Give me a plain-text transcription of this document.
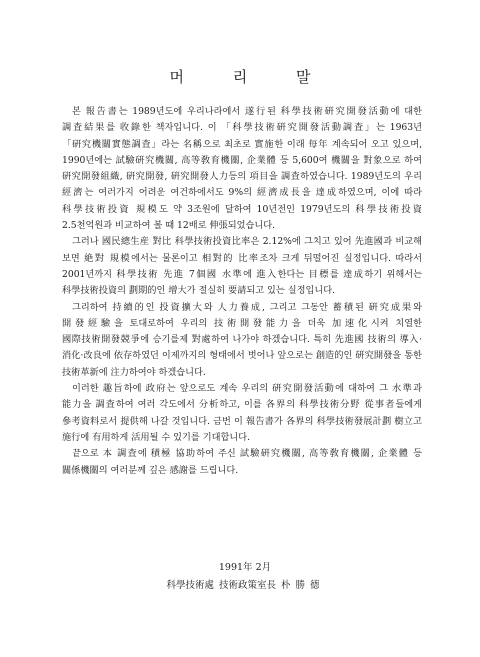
머 리 말

본 報告書는 1989년도에 우리나라에서 遂行된 科學技術硏究開發活動에 대한 調査結果를 收錄한 책자입니다. 이 「科學技術硏究開發活動調査」는 1963년 「硏究機關實態調査」라는 名稱으로 최초로 實施한 이래 每年 계속되어 오고 있으며, 1990년에는 試驗硏究機關, 高等敎育機關, 企業體 등 5,600여 機關을 對象으로 하여 硏究開發組織, 硏究開發, 硏究開發人力등의 項目을 調査하였습니다. 1989년도의 우리 經濟는 여러가지 어려운 여건하에서도 9%의 經濟成長을 達成하였으며, 이에 따라 科學技術投資 規模도 약 3조원에 달하여 10년전인 1979년도의 科學技術投資 2.5천억원과 비교하여 볼 때 12배로 伸張되었습니다.

그러나 國民總生産 對比 科學技術投資比率은 2.12%에 그치고 있어 先進國과 비교해 보면 絶對 規模에서는 물론이고 相對的 比率조차 크게 뒤떨어진 실정입니다. 따라서 2001년까지 科學技術 先進 7個國 水準에 進入한다는 目標를 達成하기 위해서는 科學技術投資의 劃期的인 增大가 절실히 要請되고 있는 실정입니다.

그리하여 持續的인 投資擴大와 人力養成, 그리고 그동안 蓄積된 硏究成果와 開發經驗을 토대로하여 우리의 技術開發能力을 더욱 加速化시켜 치열한 國際技術開發競爭에 승기를제 對處하여 나가야 하겠습니다. 특히 先進國 技術의 導入·消化·改良에 依存하였던 이제까지의 형태에서 벗어나 앞으로는 創造的인 硏究開發을 통한 技術革新에 注力하여야 하겠습니다.

이러한 趣旨하에 政府는 앞으로도 계속 우리의 硏究開發活動에 대하여 그 水準과 能力을 調査하여 여러 각도에서 分析하고, 이를 各界의 科學技術分野 從事者들에게 參考資料로서 提供해 나갈 것입니다. 금번 이 報告書가 各界의 科學技術發展計劃 樹立고 施行에 有用하게 活用될 수 있기를 기대합니다.

끝으로 本 調査에 積極 協助하여 주신 試驗硏究機關, 高等敎育機關, 企業體 등 關係機關의 여러분께 깊은 感謝를 드립니다.

1991年 2月
科學技術處 技術政策室長 朴 勝 德
